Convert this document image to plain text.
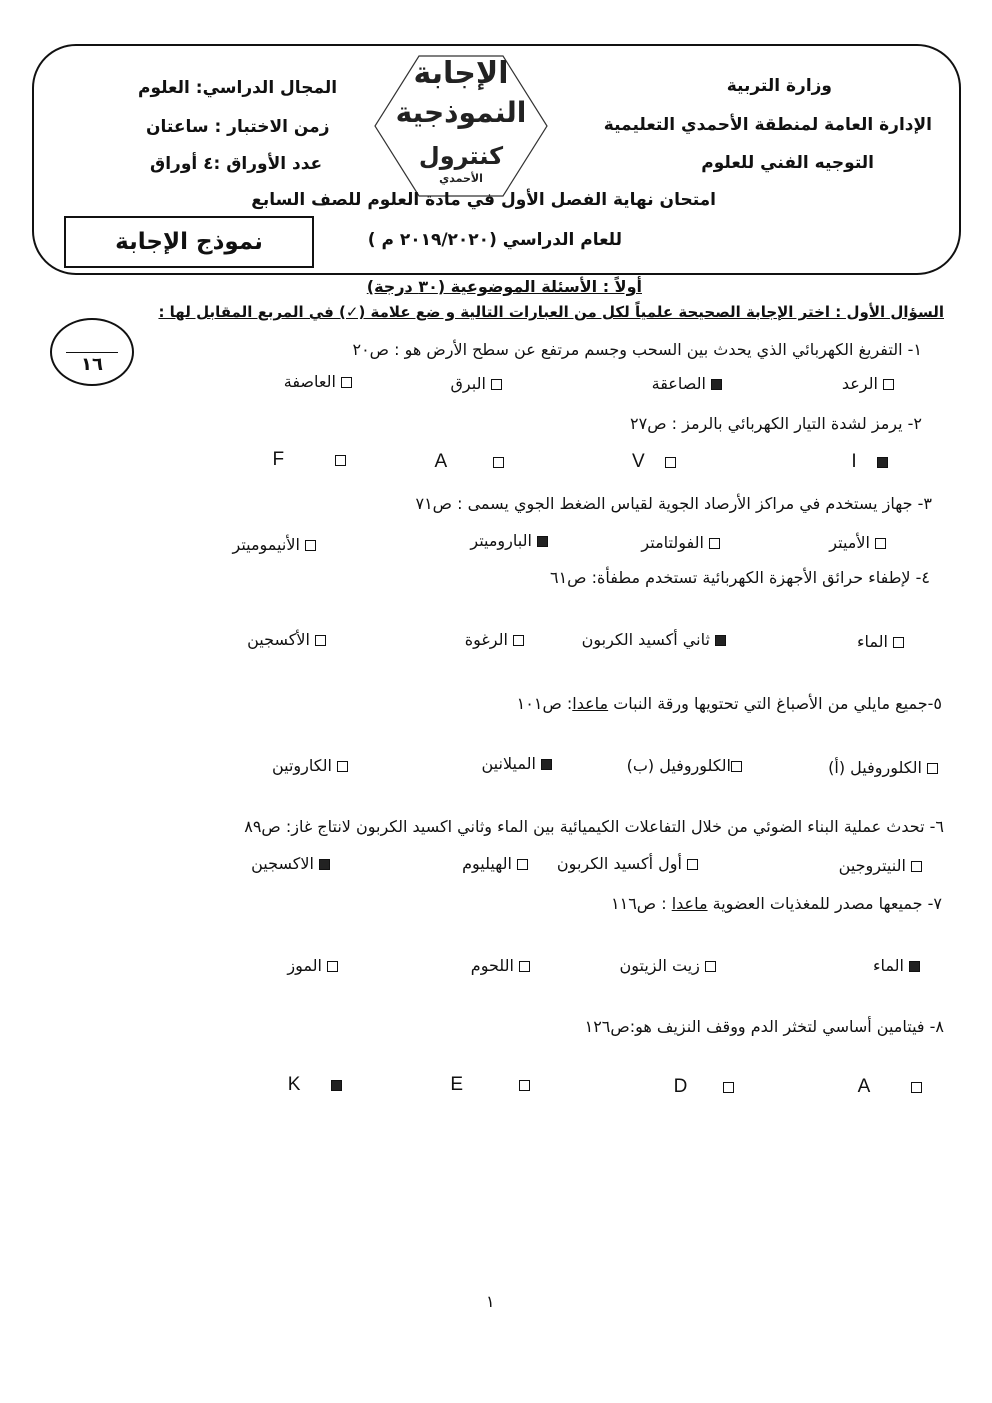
وزارة التربية
الإدارة العامة لمنطقة الأحمدي التعليمية
التوجيه الفني للعلوم
المجال الدراسي: العلوم
زمن الاختبار : ساعتان
عدد الأوراق :٤ أوراق
الإجابة
النموذجية
كنترول
الأحمدي
امتحان نهاية الفصل الأول في مادة العلوم للصف السابع
للعام الدراسي (٢٠١٩/٢٠٢٠ م )
نموذج الإجابة
أولاً : الأسئلة الموضوعية (٣٠ درجة)
السؤال الأول : اختر الإجابة الصحيحة علمياً لكل من العبارات التالية و ضع علامة (✓) في المربع المقابل لها :
١٦
١- التفريغ الكهربائي الذي يحدث بين السحب وجسم مرتفع عن سطح الأرض هو : ص٢٠
الرعد
الصاعقة
البرق
العاصفة
٢- يرمز لشدة التيار الكهربائي بالرمز : ص٢٧
I
V
A
F
٣- جهاز يستخدم في مراكز الأرصاد الجوية لقياس الضغط الجوي يسمى : ص٧١
الأميتر
الفولتامتر
الباروميتر
الأنيموميتر
٤- لإطفاء حرائق الأجهزة الكهربائية تستخدم مطفأة: ص٦١
الماء
ثاني أكسيد الكربون
الرغوة
الأكسجين
٥-جميع مايلي من الأصباغ التي تحتويها ورقة النبات ماعدا: ص١٠١
الكلوروفيل (أ)
الكلوروفيل (ب)
الميلانين
الكاروتين
٦- تحدث عملية البناء الضوئي من خلال التفاعلات الكيميائية بين الماء وثاني اكسيد الكربون لانتاج غاز: ص٨٩
النيتروجين
أول أكسيد الكربون
الهيليوم
الاكسجين
٧- جميعها مصدر للمغذيات العضوية ماعدا : ص١١٦
الماء
زيت الزيتون
اللحوم
الموز
٨- فيتامين أساسي لتخثر الدم ووقف النزيف هو:ص١٢٦
A
D
E
K
١
